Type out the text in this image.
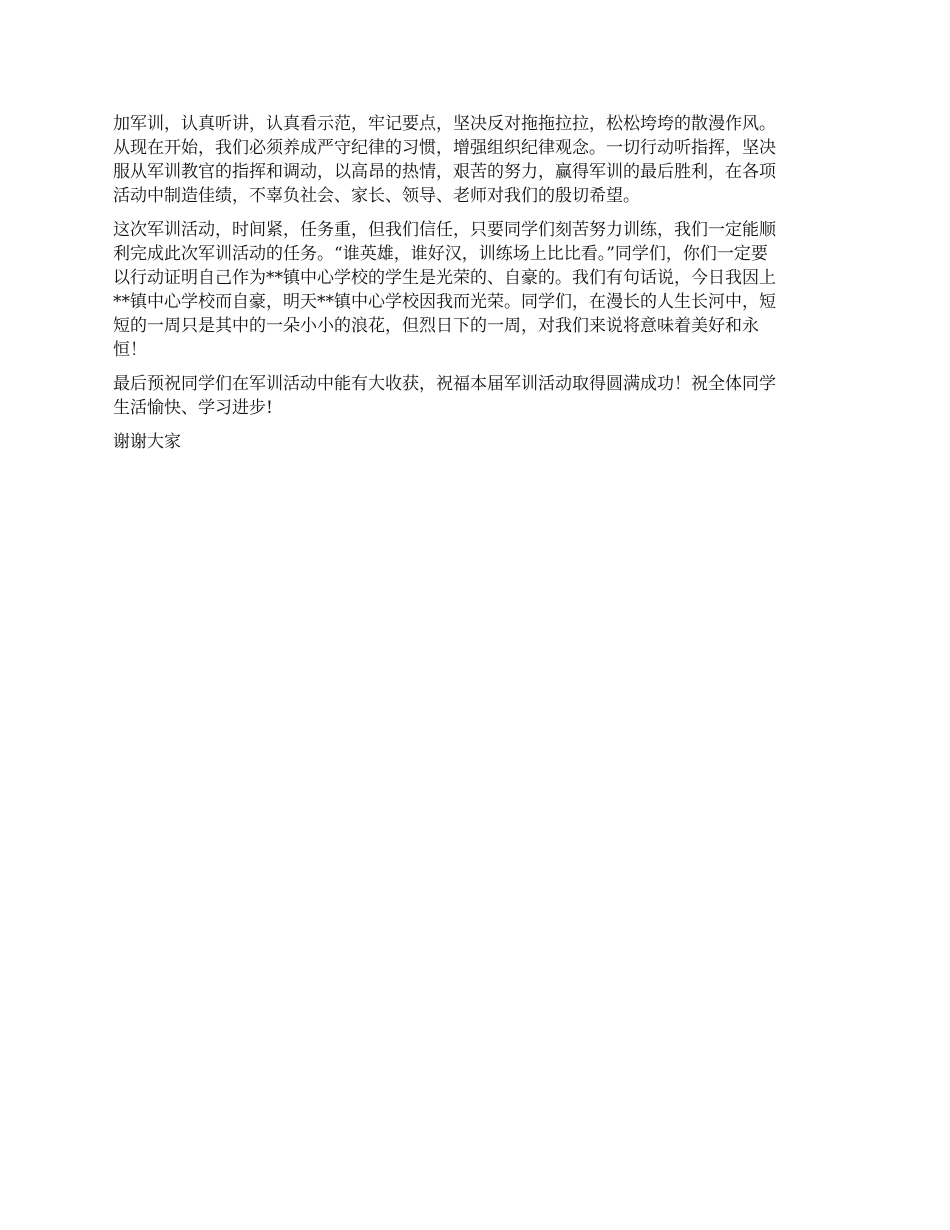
加军训，认真听讲，认真看示范，牢记要点，坚决反对拖拖拉拉，松松垮垮的散漫作风。
从现在开始，我们必须养成严守纪律的习惯，增强组织纪律观念。一切行动听指挥，坚决
服从军训教官的指挥和调动，以高昂的热情，艰苦的努力，赢得军训的最后胜利，在各项
活动中制造佳绩，不辜负社会、家长、领导、老师对我们的殷切希望。
这次军训活动，时间紧，任务重，但我们信任，只要同学们刻苦努力训练，我们一定能顺
利完成此次军训活动的任务。“谁英雄，谁好汉，训练场上比比看。”同学们，你们一定要
以行动证明自己作为**镇中心学校的学生是光荣的、自豪的。我们有句话说，今日我因上
**镇中心学校而自豪，明天**镇中心学校因我而光荣。同学们，在漫长的人生长河中，短
短的一周只是其中的一朵小小的浪花，但烈日下的一周，对我们来说将意味着美好和永
恒！
最后预祝同学们在军训活动中能有大收获，祝福本届军训活动取得圆满成功！祝全体同学
生活愉快、学习进步!
谢谢大家
